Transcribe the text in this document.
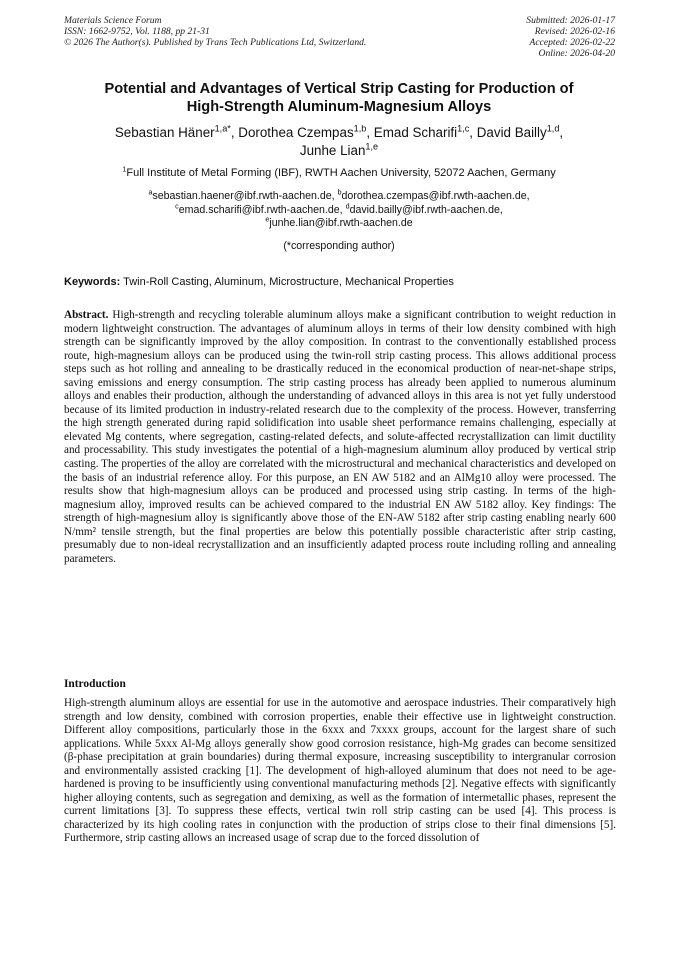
Materials Science Forum
ISSN: 1662-9752, Vol. 1188, pp 21-31
© 2026 The Author(s). Published by Trans Tech Publications Ltd, Switzerland.
Submitted: 2026-01-17
Revised: 2026-02-16
Accepted: 2026-02-22
Online: 2026-04-20
Potential and Advantages of Vertical Strip Casting for Production of
High-Strength Aluminum-Magnesium Alloys
Sebastian Häner$^{1,a*}$, Dorothea Czempas$^{1,b}$, Emad Scharifi$^{1,c}$, David Bailly$^{1,d}$,
Junhe Lian$^{1,e}$
$^1$Full Institute of Metal Forming (IBF), RWTH Aachen University, 52072 Aachen, Germany
$^a$sebastian.haener@ibf.rwth-aachen.de, $^b$dorothea.czempas@ibf.rwth-aachen.de,
$^c$emad.scharifi@ibf.rwth-aachen.de, $^d$david.bailly@ibf.rwth-aachen.de,
$^e$junhe.lian@ibf.rwth-aachen.de
(*corresponding author)
Keywords: Twin-Roll Casting, Aluminum, Microstructure, Mechanical Properties
Abstract. High-strength and recycling tolerable aluminum alloys make a significant contribution to weight reduction in modern lightweight construction. The advantages of aluminum alloys in terms of their low density combined with high strength can be significantly improved by the alloy composition. In contrast to the conventionally established process route, high-magnesium alloys can be produced using the twin-roll strip casting process. This allows additional process steps such as hot rolling and annealing to be drastically reduced in the economical production of near-net-shape strips, saving emissions and energy consumption. The strip casting process has already been applied to numerous aluminum alloys and enables their production, although the understanding of advanced alloys in this area is not yet fully understood because of its limited production in industry-related research due to the complexity of the process. However, transferring the high strength generated during rapid solidification into usable sheet performance remains challenging, especially at elevated Mg contents, where segregation, casting-related defects, and solute-affected recrystallization can limit ductility and processability. This study investigates the potential of a high-magnesium aluminum alloy produced by vertical strip casting. The properties of the alloy are correlated with the microstructural and mechanical characteristics and developed on the basis of an industrial reference alloy. For this purpose, an EN AW 5182 and an AlMg10 alloy were processed. The results show that high-magnesium alloys can be produced and processed using strip casting. In terms of the high-magnesium alloy, improved results can be achieved compared to the industrial EN AW 5182 alloy. Key findings: The strength of high-magnesium alloy is significantly above those of the EN-AW 5182 after strip casting enabling nearly 600 N/mm² tensile strength, but the final properties are below this potentially possible characteristic after strip casting, presumably due to non-ideal recrystallization and an insufficiently adapted process route including rolling and annealing parameters.
Introduction
High-strength aluminum alloys are essential for use in the automotive and aerospace industries. Their comparatively high strength and low density, combined with corrosion properties, enable their effective use in lightweight construction. Different alloy compositions, particularly those in the 6xxx and 7xxxx groups, account for the largest share of such applications. While 5xxx Al-Mg alloys generally show good corrosion resistance, high-Mg grades can become sensitized (β-phase precipitation at grain boundaries) during thermal exposure, increasing susceptibility to intergranular corrosion and environmentally assisted cracking [1]. The development of high-alloyed aluminum that does not need to be age-hardened is proving to be insufficiently using conventional manufacturing methods [2]. Negative effects with significantly higher alloying contents, such as segregation and demixing, as well as the formation of intermetallic phases, represent the current limitations [3]. To suppress these effects, vertical twin roll strip casting can be used [4]. This process is characterized by its high cooling rates in conjunction with the production of strips close to their final dimensions [5]. Furthermore, strip casting allows an increased usage of scrap due to the forced dissolution of
